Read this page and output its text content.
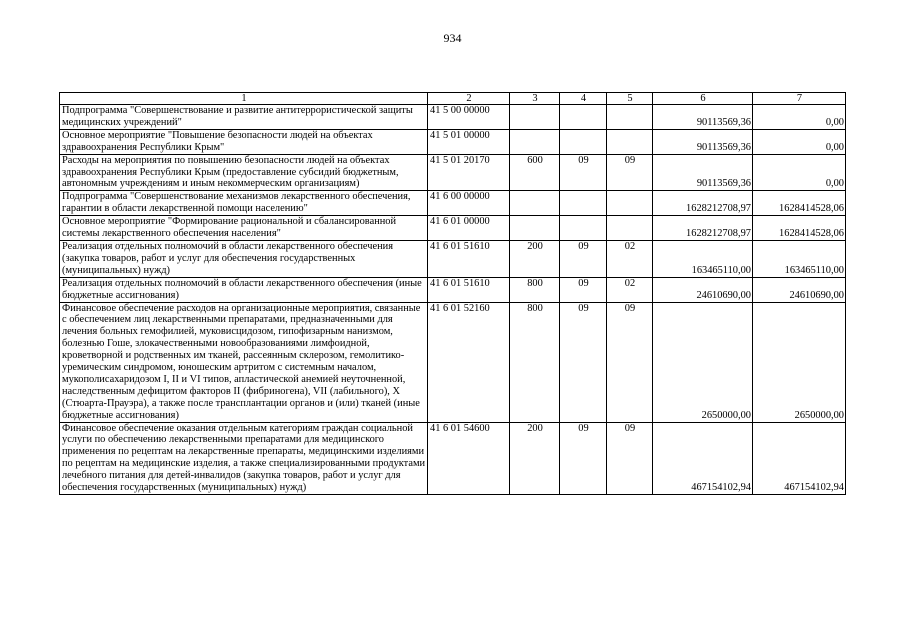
934
1	2	3	4	5	6	7
Подпрограмма "Совершенствование и развитие антитеррористической защиты медицинских учреждений"	41 5 00 00000				90113569,36	0,00
Основное мероприятие "Повышение безопасности людей на объектах здравоохранения Республики Крым"	41 5 01 00000				90113569,36	0,00
Расходы на мероприятия по повышению безопасности людей на объектах здравоохранения Республики Крым (предоставление субсидий бюджетным, автономным учреждениям и иным некоммерческим организациям)	41 5 01 20170	600	09	09	90113569,36	0,00
Подпрограмма "Совершенствование механизмов лекарственного обеспечения, гарантии в области лекарственной помощи населению"	41 6 00 00000				1628212708,97	1628414528,06
Основное мероприятие "Формирование рациональной и сбалансированной системы лекарственного обеспечения населения"	41 6 01 00000				1628212708,97	1628414528,06
Реализация отдельных полномочий в области лекарственного обеспечения (закупка товаров, работ и услуг для обеспечения государственных (муниципальных) нужд)	41 6 01 51610	200	09	02	163465110,00	163465110,00
Реализация отдельных полномочий в области лекарственного обеспечения (иные бюджетные ассигнования)	41 6 01 51610	800	09	02	24610690,00	24610690,00
Финансовое обеспечение расходов на организационные мероприятия, связанные с обеспечением лиц лекарственными препаратами, предназначенными для лечения больных гемофилией, муковисцидозом, гипофизарным нанизмом, болезнью Гоше, злокачественными новообразованиями лимфоидной, кроветворной и родственных им тканей, рассеянным склерозом, гемолитико-уремическим синдромом, юношеским артритом с системным началом, мукополисахаридозом I, II и VI типов, апластической анемией неуточненной, наследственным дефицитом факторов II (фибриногена), VII (лабильного), X (Стюарта-Прауэра), а также после трансплантации органов и (или) тканей (иные бюджетные ассигнования)	41 6 01 52160	800	09	09	2650000,00	2650000,00
Финансовое обеспечение оказания отдельным категориям граждан социальной услуги по обеспечению лекарственными препаратами для медицинского применения по рецептам на лекарственные препараты, медицинскими изделиями по рецептам на медицинские изделия, а также специализированными продуктами лечебного питания для детей-инвалидов (закупка товаров, работ и услуг для обеспечения государственных (муниципальных) нужд)	41 6 01 54600	200	09	09	467154102,94	467154102,94
